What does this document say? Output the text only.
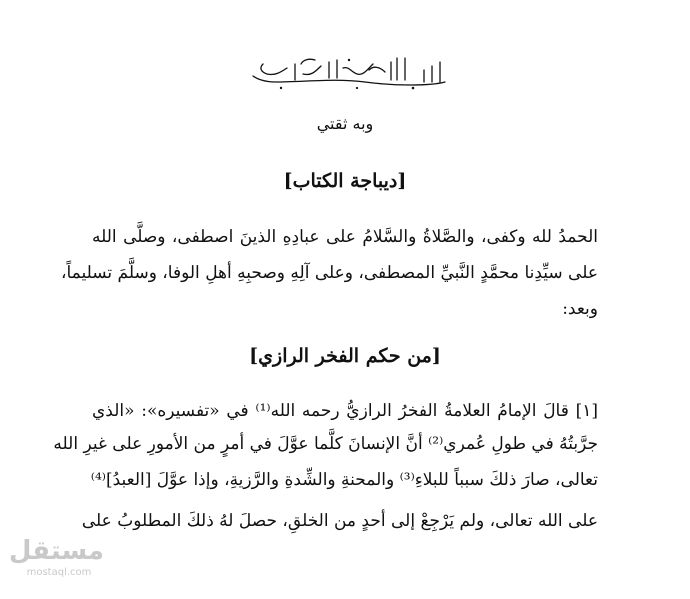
وبه ثقتي
[ديباجة الكتاب]
الحمدُ لله وكفى، والصَّلاةُ والسَّلامُ على عبادِهِ الذينَ اصطفى، وصلَّى الله
على سيِّدِنا محمَّدٍ النَّبيِّ المصطفى، وعلى آلِهِ وصحبِهِ أهلِ الوفا، وسلَّمَ تسليماً،
وبعد:
[من حكم الفخر الرازي]
[١] قالَ الإمامُ العلامةُ الفخرُ الرازيُّ رحمه الله⁽¹⁾ في «تفسيره»: «الذي
جرَّبتُهُ في طولِ عُمري⁽²⁾ أنَّ الإنسانَ كلَّما عوَّلَ في أمرٍ من الأمورِ على غيرِ الله
تعالى، صارَ ذلكَ سبباً للبلاءِ⁽³⁾ والمحنةِ والشِّدةِ والرَّزيةِ، وإذا عوَّلَ [العبدُ]⁽⁴⁾
على الله تعالى، ولم يَرْجِعْ إلى أحدٍ من الخلقِ، حصلَ لهُ ذلكَ المطلوبُ على
مستقل
mostaql.com
